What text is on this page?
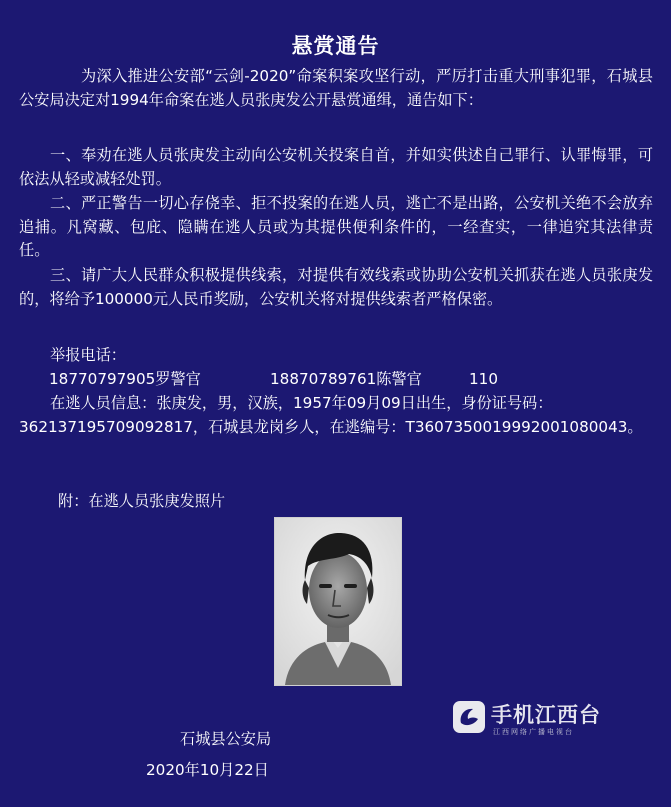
悬赏通告
为深入推进公安部“云剑-2020”命案积案攻坚行动，严厉打击重大刑事犯罪，石城县公安局决定对1994年命案在逃人员张庚发公开悬赏通缉，通告如下：
一、奉劝在逃人员张庚发主动向公安机关投案自首，并如实供述自己罪行、认罪悔罪，可依法从轻或减轻处罚。
二、严正警告一切心存侥幸、拒不投案的在逃人员，逃亡不是出路，公安机关绝不会放弃追捕。凡窝藏、包庇、隐瞒在逃人员或为其提供便利条件的，一经查实，一律追究其法律责任。
三、请广大人民群众积极提供线索，对提供有效线索或协助公安机关抓获在逃人员张庚发的，将给予100000元人民币奖励，公安机关将对提供线索者严格保密。
举报电话：
18770797905罗警官	18870789761陈警官	110
在逃人员信息：张庚发，男，汉族，1957年09月09日出生，身份证号码：362137195709092817，石城县龙岗乡人，在逃编号：T3607350019992001080043。
附：在逃人员张庚发照片
石城县公安局
2020年10月22日
手机江西台
江西网络广播电视台
